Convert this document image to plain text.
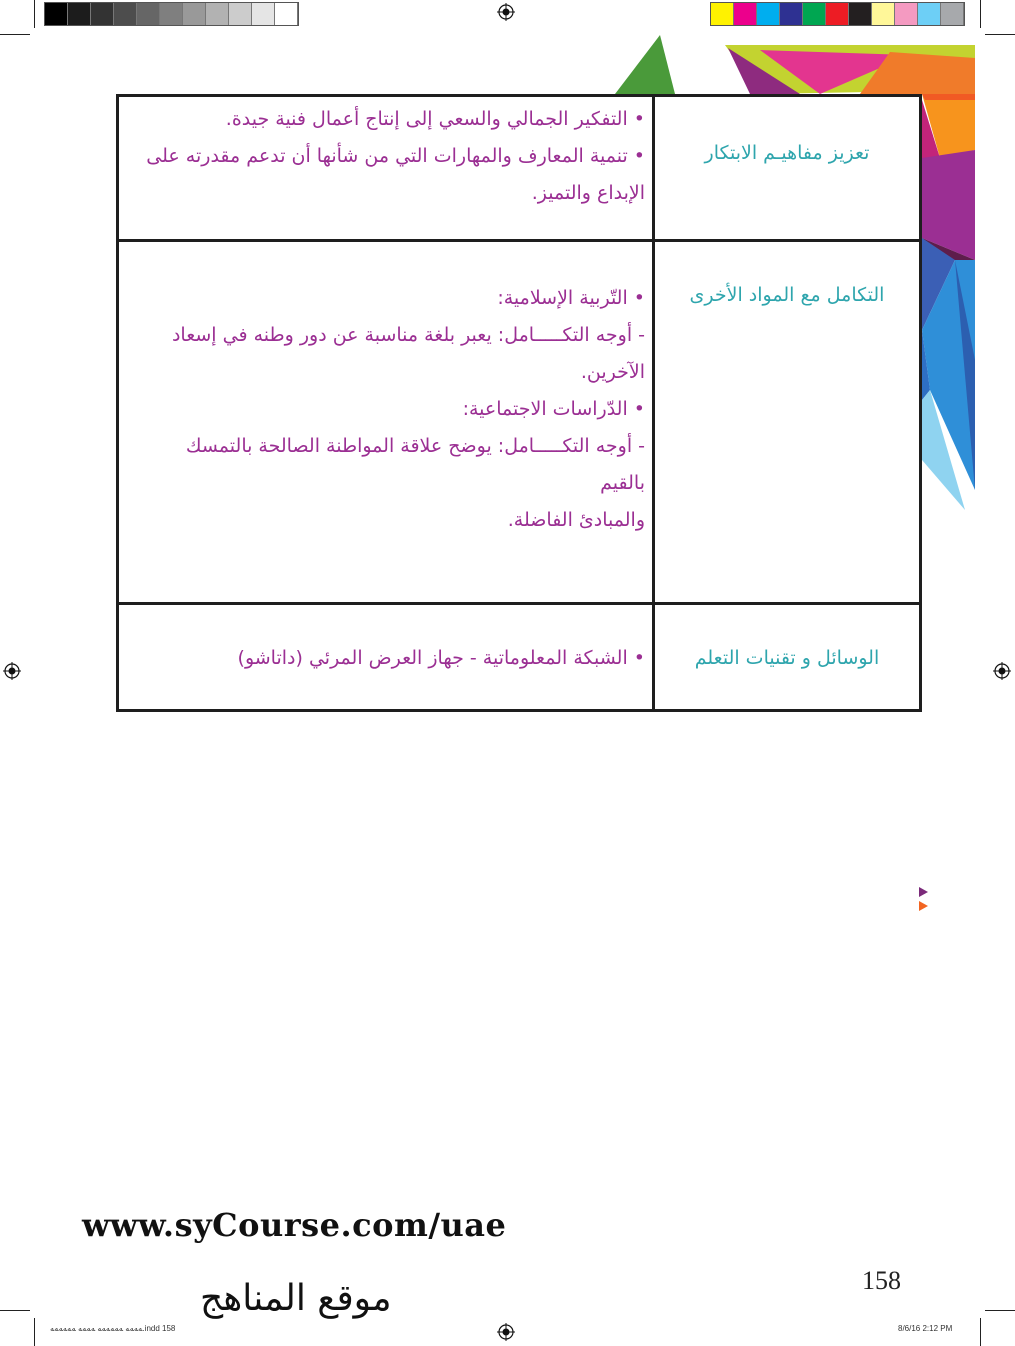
تعزيز مفاهيـم الابتكار

• التفكير الجمالي والسعي إلى إنتاج أعمال فنية جيدة.

• تنمية المعارف والمهارات التي من شأنها أن تدعم مقدرته على

الإبداع والتميز.

التكامل مع المواد الأخرى

• التّربية الإسلامية:

- أوجه التكـــــامل: يعبر بلغة مناسبة عن دور وطنه في إسعاد

الآخرين.

• الدّراسات الاجتماعية:

- أوجه التكـــــامل: يوضح علاقة المواطنة الصالحة بالتمسك بالقيم

والمبادئ الفاضلة.

الوسائل و تقنيات التعلم

• الشبكة المعلوماتية - جهاز العرض المرئي (داتاشو)

www.syCourse.com/uae
158
موقع المناهج
ﻪﻪﻪﻪ ﻪﻪﻪﻪﻪﻪ ﻪﻪﻪﻪ ﻪﻪﻪﻪﻪﻪ.indd 158	8/6/16 2:12 PM
